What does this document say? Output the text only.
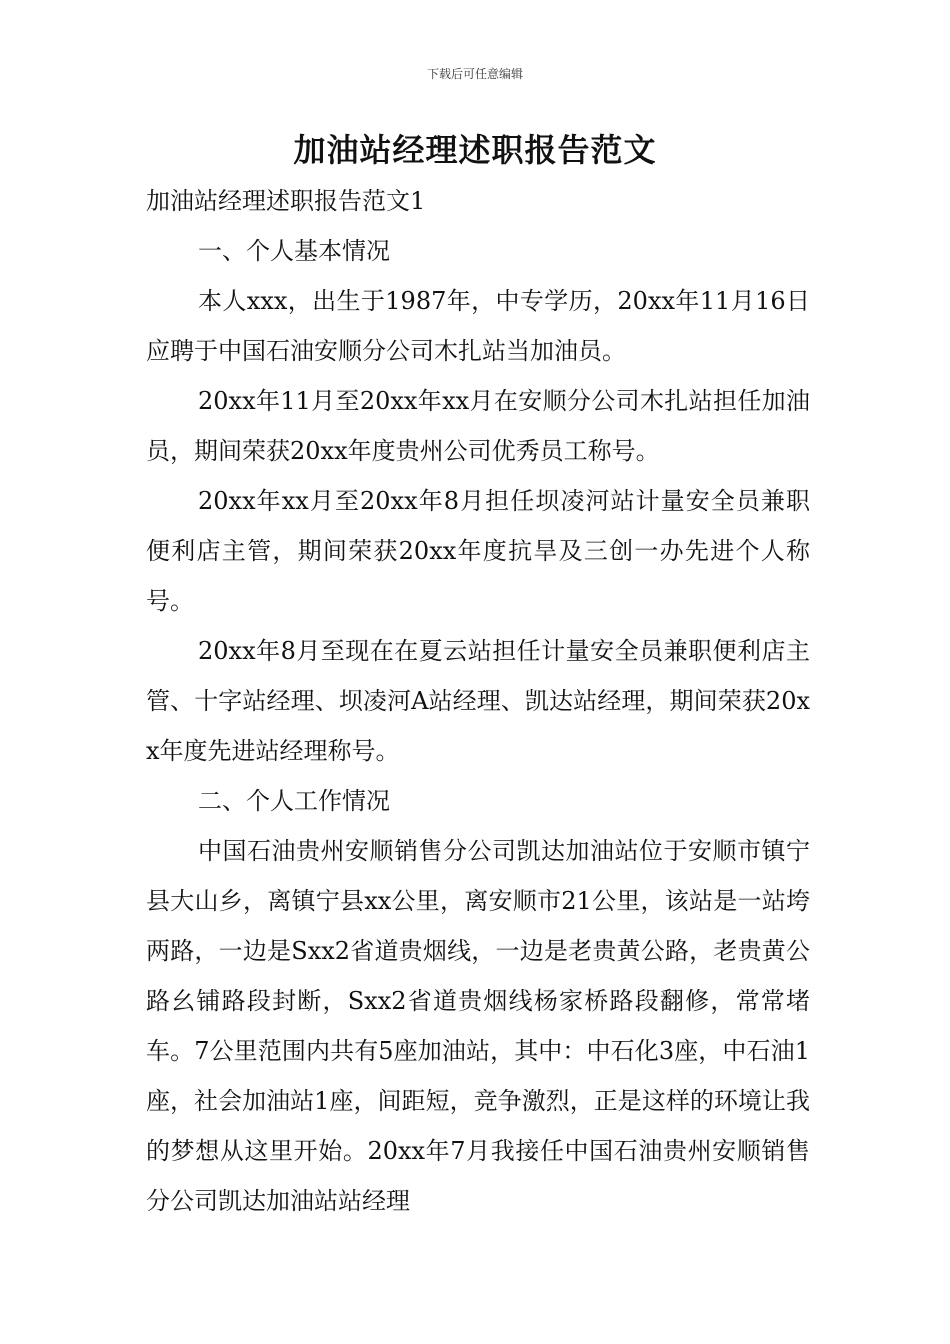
下载后可任意编辑
加油站经理述职报告范文

加油站经理述职报告范文1

一、个人基本情况

本人xxx，出生于1987年，中专学历，20xx年11月16日应聘于中国石油安顺分公司木扎站当加油员。

20xx年11月至20xx年xx月在安顺分公司木扎站担任加油员，期间荣获20xx年度贵州公司优秀员工称号。

20xx年xx月至20xx年8月担任坝凌河站计量安全员兼职便利店主管，期间荣获20xx年度抗旱及三创一办先进个人称号。

20xx年8月至现在在夏云站担任计量安全员兼职便利店主管、十字站经理、坝凌河A站经理、凯达站经理，期间荣获20xx年度先进站经理称号。

二、个人工作情况

中国石油贵州安顺销售分公司凯达加油站位于安顺市镇宁县大山乡，离镇宁县xx公里，离安顺市21公里，该站是一站垮两路，一边是Sxx2省道贵烟线，一边是老贵黄公路，老贵黄公路幺铺路段封断，Sxx2省道贵烟线杨家桥路段翻修，常常堵车。7公里范围内共有5座加油站，其中：中石化3座，中石油1座，社会加油站1座，间距短，竞争激烈，正是这样的环境让我的梦想从这里开始。20xx年7月我接任中国石油贵州安顺销售分公司凯达加油站站经理
